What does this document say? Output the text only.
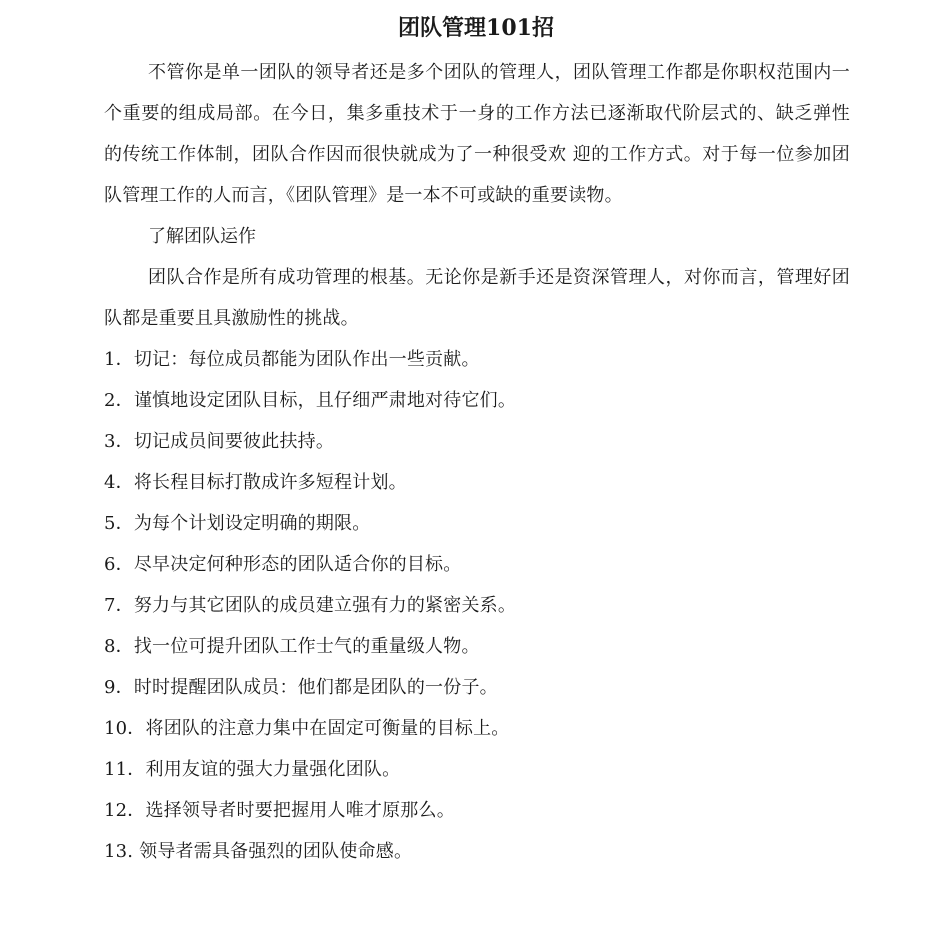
团队管理101招

不管你是单一团队的领导者还是多个团队的管理人，团队管理工作都是你职权范围内一个重要的组成局部。在今日，集多重技术于一身的工作方法已逐渐取代阶层式的、缺乏弹性的传统工作体制，团队合作因而很快就成为了一种很受欢 迎的工作方式。对于每一位参加团队管理工作的人而言，《团队管理》是一本不可或缺的重要读物。

了解团队运作

团队合作是所有成功管理的根基。无论你是新手还是资深管理人，对你而言，管理好团队都是重要且具激励性的挑战。

1．切记：每位成员都能为团队作出一些贡献。
2．谨慎地设定团队目标，且仔细严肃地对待它们。
3．切记成员间要彼此扶持。
4．将长程目标打散成许多短程计划。
5．为每个计划设定明确的期限。
6．尽早决定何种形态的团队适合你的目标。
7．努力与其它团队的成员建立强有力的紧密关系。
8．找一位可提升团队工作士气的重量级人物。
9．时时提醒团队成员：他们都是团队的一份子。
10．将团队的注意力集中在固定可衡量的目标上。
11．利用友谊的强大力量强化团队。
12．选择领导者时要把握用人唯才原那么。
13. 领导者需具备强烈的团队使命感。
